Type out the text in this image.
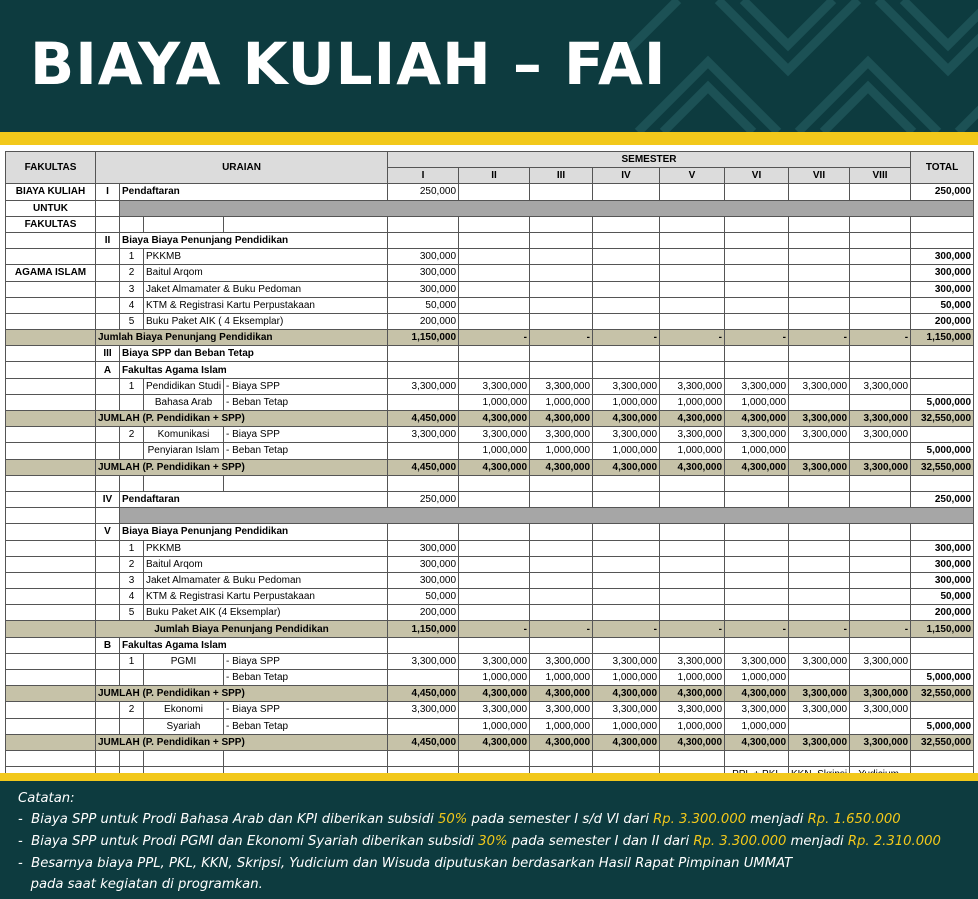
BIAYA KULIAH – FAI
FAKULTAS	URAIAN				SEMESTER								TOTAL	
					I	II	III	IV	V	VI	VII	VIII		
BIAYA KULIAH	I	Pendaftaran			250,000								250,000	
UNTUK														
FAKULTAS														
	II	Biaya Biaya Penunjang Pendidikan												
		1	PKKMB		300,000								300,000	
AGAMA ISLAM		2	Baitul Arqom		300,000								300,000	
		3	Jaket Almamater & Buku Pedoman		300,000								300,000	
		4	KTM & Registrasi Kartu Perpustakaan		50,000								50,000	
		5	Buku Paket AIK ( 4 Eksemplar)		200,000								200,000	
	Jumlah Biaya Penunjang Pendidikan				1,150,000	-	-	-	-	-	-	-	1,150,000	
	III	Biaya SPP dan Beban Tetap												
	A	Fakultas Agama Islam												
		1	Pendidikan Studi	- Biaya SPP	3,300,000	3,300,000	3,300,000	3,300,000	3,300,000	3,300,000	3,300,000	3,300,000		
			Bahasa Arab	- Beban Tetap		1,000,000	1,000,000	1,000,000	1,000,000	1,000,000			5,000,000	
	JUMLAH (P. Pendidikan + SPP)				4,450,000	4,300,000	4,300,000	4,300,000	4,300,000	4,300,000	3,300,000	3,300,000	32,550,000	
		2	Komunikasi	- Biaya SPP	3,300,000	3,300,000	3,300,000	3,300,000	3,300,000	3,300,000	3,300,000	3,300,000		
			Penyiaran Islam	- Beban Tetap		1,000,000	1,000,000	1,000,000	1,000,000	1,000,000			5,000,000	
	JUMLAH (P. Pendidikan + SPP)				4,450,000	4,300,000	4,300,000	4,300,000	4,300,000	4,300,000	3,300,000	3,300,000	32,550,000	

	IV	Pendaftaran			250,000								250,000	

	V	Biaya Biaya Penunjang Pendidikan												
		1	PKKMB		300,000								300,000	
		2	Baitul Arqom		300,000								300,000	
		3	Jaket Almamater & Buku Pedoman		300,000								300,000	
		4	KTM & Registrasi Kartu Perpustakaan		50,000								50,000	
		5	Buku Paket AIK (4 Eksemplar)		200,000								200,000	
	Jumlah Biaya Penunjang Pendidikan				1,150,000	-	-	-	-	-	-	-	1,150,000	
	B	Fakultas Agama Islam												
		1	PGMI	- Biaya SPP	3,300,000	3,300,000	3,300,000	3,300,000	3,300,000	3,300,000	3,300,000	3,300,000		
				- Beban Tetap		1,000,000	1,000,000	1,000,000	1,000,000	1,000,000			5,000,000	
	JUMLAH (P. Pendidikan + SPP)				4,450,000	4,300,000	4,300,000	4,300,000	4,300,000	4,300,000	3,300,000	3,300,000	32,550,000	
		2	Ekonomi	- Biaya SPP	3,300,000	3,300,000	3,300,000	3,300,000	3,300,000	3,300,000	3,300,000	3,300,000		
			Syariah	- Beban Tetap		1,000,000	1,000,000	1,000,000	1,000,000	1,000,000			5,000,000	
	JUMLAH (P. Pendidikan + SPP)				4,450,000	4,300,000	4,300,000	4,300,000	4,300,000	4,300,000	3,300,000	3,300,000	32,550,000	

Catatan:
-  Biaya SPP untuk Prodi Bahasa Arab dan KPI diberikan subsidi 50% pada semester I s/d VI dari Rp. 3.300.000 menjadi Rp. 1.650.000
-  Biaya SPP untuk Prodi PGMI dan Ekonomi Syariah diberikan subsidi 30% pada semester I dan II dari Rp. 3.300.000 menjadi Rp. 2.310.000
-  Besarnya biaya PPL, PKL, KKN, Skripsi, Yudicium dan Wisuda diputuskan berdasarkan Hasil Rapat Pimpinan UMMAT
pada saat kegiatan di programkan.
